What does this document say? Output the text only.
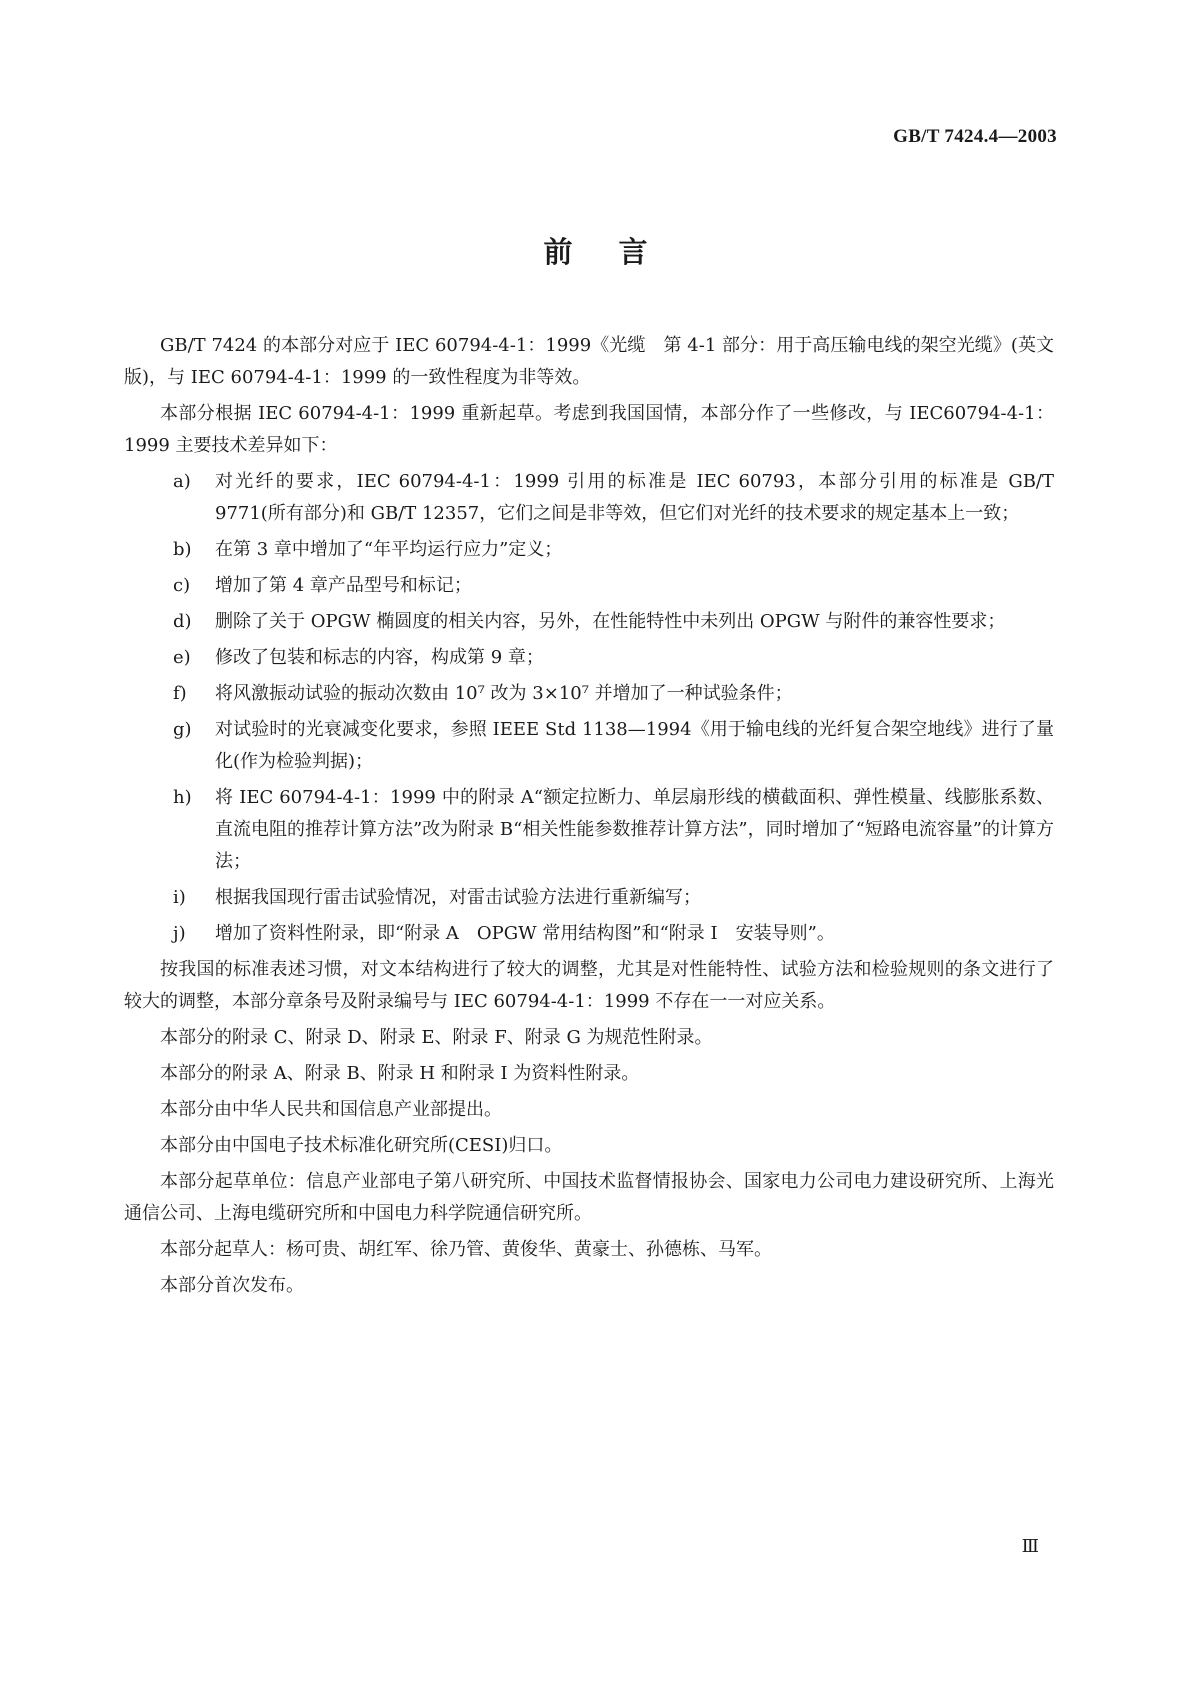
GB/T 7424.4—2003
前言

GB/T 7424 的本部分对应于 IEC 60794-4-1：1999《光缆　第 4-1 部分：用于高压输电线的架空光缆》(英文版)，与 IEC 60794-4-1：1999 的一致性程度为非等效。

本部分根据 IEC 60794-4-1：1999 重新起草。考虑到我国国情，本部分作了一些修改，与 IEC60794-4-1：1999 主要技术差异如下：

a) 对光纤的要求，IEC 60794-4-1：1999 引用的标准是 IEC 60793，本部分引用的标准是 GB/T 9771(所有部分)和 GB/T 12357，它们之间是非等效，但它们对光纤的技术要求的规定基本上一致；
b) 在第 3 章中增加了“年平均运行应力”定义；
c) 增加了第 4 章产品型号和标记；
d) 删除了关于 OPGW 椭圆度的相关内容，另外，在性能特性中未列出 OPGW 与附件的兼容性要求；
e) 修改了包装和标志的内容，构成第 9 章；
f) 将风激振动试验的振动次数由 10⁷ 改为 3×10⁷ 并增加了一种试验条件；
g) 对试验时的光衰减变化要求，参照 IEEE Std 1138—1994《用于输电线的光纤复合架空地线》进行了量化(作为检验判据)；
h) 将 IEC 60794-4-1：1999 中的附录 A“额定拉断力、单层扇形线的横截面积、弹性模量、线膨胀系数、直流电阻的推荐计算方法”改为附录 B“相关性能参数推荐计算方法”，同时增加了“短路电流容量”的计算方法；
i) 根据我国现行雷击试验情况，对雷击试验方法进行重新编写；
j) 增加了资料性附录，即“附录 A　OPGW 常用结构图”和“附录 I　安装导则”。

按我国的标准表述习惯，对文本结构进行了较大的调整，尤其是对性能特性、试验方法和检验规则的条文进行了较大的调整，本部分章条号及附录编号与 IEC 60794-4-1：1999 不存在一一对应关系。

本部分的附录 C、附录 D、附录 E、附录 F、附录 G 为规范性附录。

本部分的附录 A、附录 B、附录 H 和附录 I 为资料性附录。

本部分由中华人民共和国信息产业部提出。

本部分由中国电子技术标准化研究所(CESI)归口。

本部分起草单位：信息产业部电子第八研究所、中国技术监督情报协会、国家电力公司电力建设研究所、上海光通信公司、上海电缆研究所和中国电力科学院通信研究所。

本部分起草人：杨可贵、胡红军、徐乃管、黄俊华、黄豪士、孙德栋、马军。

本部分首次发布。

Ⅲ
